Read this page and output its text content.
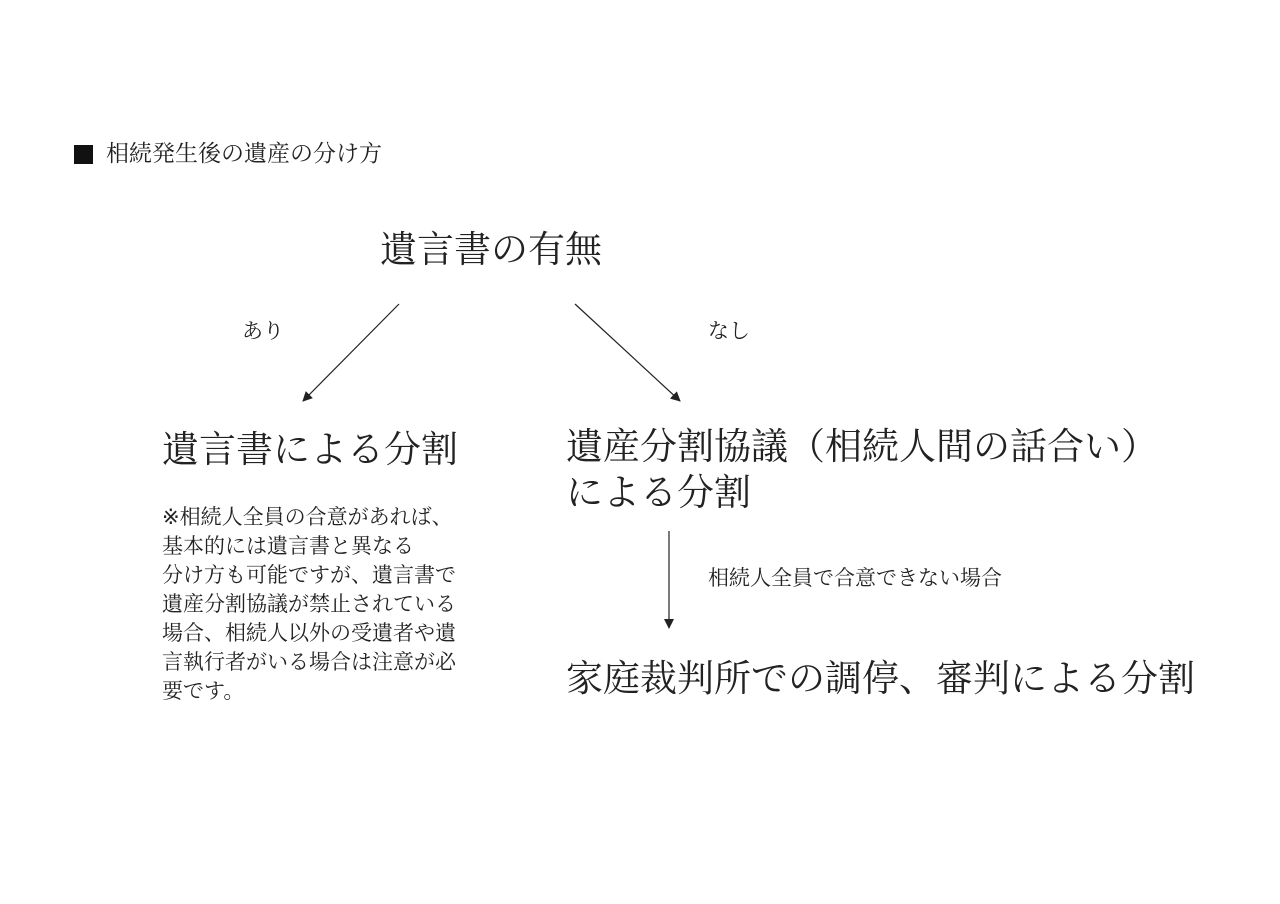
相続発生後の遺産の分け方
遺言書の有無
あり	なし
遺言書による分割
※相続人全員の合意があれば、
基本的には遺言書と異なる
分け方も可能ですが、遺言書で
遺産分割協議が禁止されている
場合、相続人以外の受遺者や遺
言執行者がいる場合は注意が必
要です。
遺産分割協議（相続人間の話合い）
による分割
相続人全員で合意できない場合
家庭裁判所での調停、審判による分割
